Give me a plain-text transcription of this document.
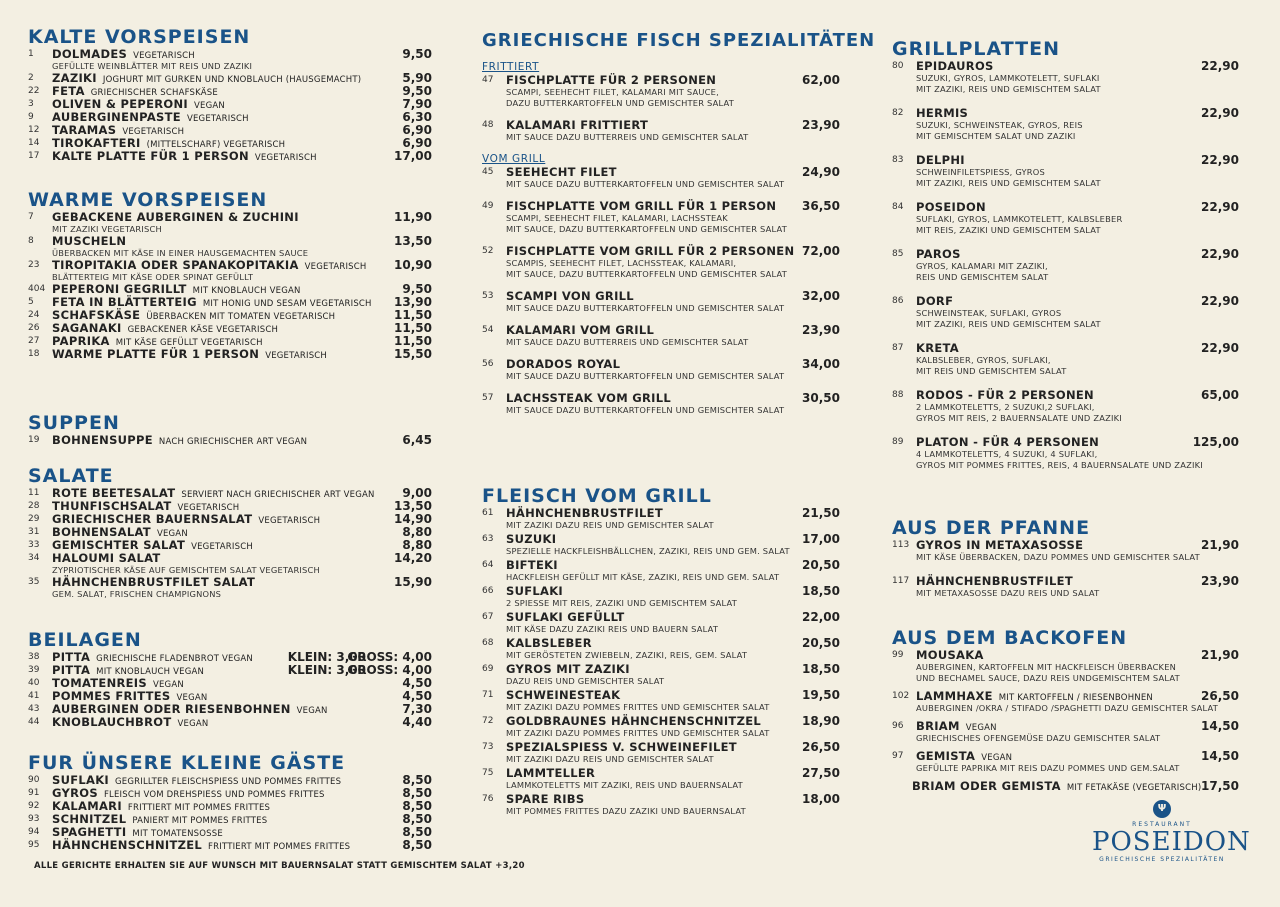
KALTE VORSPEISEN
1	DOLMADES VEGETARISCH	9,50
GEFÜLLTE WEINBLÄTTER MIT REIS UND ZAZIKI
2	ZAZIKI JOGHURT MIT GURKEN UND KNOBLAUCH (HAUSGEMACHT)	5,90
22	FETA GRIECHISCHER SCHAFSKÄSE	9,50
3	OLIVEN & PEPERONI VEGAN	7,90
9	AUBERGINENPASTE VEGETARISCH	6,30
12	TARAMAS VEGETARISCH	6,90
14	TIROKAFTERI (MITTELSCHARF) VEGETARISCH	6,90
17	KALTE PLATTE FÜR 1 PERSON VEGETARISCH	17,00
WARME VORSPEISEN
7	GEBACKENE AUBERGINEN & ZUCHINI	11,90
MIT ZAZIKI VEGETARISCH
8	MUSCHELN	13,50
ÜBERBACKEN MIT KÄSE IN EINER HAUSGEMACHTEN SAUCE
23	TIROPITAKIA ODER SPANAKOPITAKIA VEGETARISCH 10,90
BLÄTTERTEIG MIT KÄSE ODER SPINAT GEFÜLLT
404 PEPERONI GEGRILLT MIT KNOBLAUCH VEGAN	9,50
5	FETA IN BLÄTTERTEIG MIT HONIG UND SESAM VEGETARISCH 13,90
24	SCHAFSKÄSE ÜBERBACKEN MIT TOMATEN VEGETARISCH	11,50
26	SAGANAKI GEBACKENER KÄSE VEGETARISCH	11,50
27	PAPRIKA MIT KÄSE GEFÜLLT VEGETARISCH	11,50
18	WARME PLATTE FÜR 1 PERSON VEGETARISCH	15,50
SUPPEN
19	BOHNENSUPPE NACH GRIECHISCHER ART VEGAN	6,45
SALATE
11	ROTE BEETESALAT SERVIERT NACH GRIECHISCHER ART VEGAN 9,00
28	THUNFISCHSALAT VEGETARISCH	13,50
29	GRIECHISCHER BAUERNSALAT VEGETARISCH	14,90
31	BOHNENSALAT VEGAN	8,80
33	GEMISCHTER SALAT VEGETARISCH	8,80
34	HALOUMI SALAT	14,20
ZYPRIOTISCHER KÄSE AUF GEMISCHTEM SALAT VEGETARISCH
35	HÄHNCHENBRUSTFILET SALAT	15,90
GEM. SALAT, FRISCHEN CHAMPIGNONS
BEILAGEN
38	PITTA GRIECHISCHE FLADENBROT VEGAN	KLEIN: 3,00
GROSS: 4,00
39	PITTA MIT KNOBLAUCH VEGAN	KLEIN: 3,00
GROSS: 4,00
40	TOMATENREIS VEGAN	4,50
41	POMMES FRITTES VEGAN	4,50
43	AUBERGINEN ODER RIESENBOHNEN VEGAN	7,30
44	KNOBLAUCHBROT VEGAN	4,40
FUR ÜNSERE KLEINE GÄSTE
90	SUFLAKI GEGRILLTER FLEISCHSPIESS UND POMMES FRITTES	8,50
91	GYROS FLEISCH VOM DREHSPIESS UND POMMES FRITTES	8,50
92	KALAMARI FRITTIERT MIT POMMES FRITTES	8,50
93	SCHNITZEL PANIERT MIT POMMES FRITTES	8,50
94	SPAGHETTI MIT TOMATENSOSSE	8,50
95	HÄHNCHENSCHNITZEL FRITTIERT MIT POMMES FRITTES	8,50
ALLE GERICHTE ERHALTEN SIE AUF WUNSCH MIT BAUERNSALAT STATT GEMISCHTEM SALAT +3,20
GRIECHISCHE FISCH SPEZIALITÄTEN
FRITTIERT
47	FISCHPLATTE FÜR 2 PERSONEN	62,00
SCAMPI, SEEHECHT FILET, KALAMARI MIT SAUCE,
DAZU BUTTERKARTOFFELN UND GEMISCHTER SALAT
48	KALAMARI FRITTIERT	23,90
MIT SAUCE DAZU BUTTERREIS UND GEMISCHTER SALAT
VOM GRILL
45	SEEHECHT FILET	24,90
MIT SAUCE DAZU BUTTERKARTOFFELN UND GEMISCHTER SALAT
49	FISCHPLATTE VOM GRILL FÜR 1 PERSON 36,50
SCAMPI, SEEHECHT FILET, KALAMARI, LACHSSTEAK
MIT SAUCE, DAZU BUTTERKARTOFFELN UND GEMISCHTER SALAT
52	FISCHPLATTE VOM GRILL FÜR 2 PERSONEN 72,00
SCAMPIS, SEEHECHT FILET, LACHSSTEAK, KALAMARI,
MIT SAUCE, DAZU BUTTERKARTOFFELN UND GEMISCHTER SALAT
53	SCAMPI VON GRILL	32,00
MIT SAUCE DAZU BUTTERKARTOFFELN UND GEMISCHTER SALAT
54	KALAMARI VOM GRILL	23,90
MIT SAUCE DAZU BUTTERREIS UND GEMISCHTER SALAT
56	DORADOS ROYAL	34,00
MIT SAUCE DAZU BUTTERKARTOFFELN UND GEMISCHTER SALAT
57	LACHSSTEAK VOM GRILL	30,50
MIT SAUCE DAZU BUTTERKARTOFFELN UND GEMISCHTER SALAT
FLEISCH VOM GRILL
61	HÄHNCHENBRUSTFILET	21,50
MIT ZAZIKI DAZU REIS UND GEMISCHTER SALAT
63	SUZUKI	17,00
SPEZIELLE HACKFLEISHBÄLLCHEN, ZAZIKI, REIS UND GEM. SALAT
64	BIFTEKI	20,50
HACKFLEISH GEFÜLLT MIT KÄSE, ZAZIKI, REIS UND GEM. SALAT
66	SUFLAKI	18,50
2 SPIESSE MIT REIS, ZAZIKI UND GEMISCHTEM SALAT
67	SUFLAKI GEFÜLLT	22,00
MIT KÄSE DAZU ZAZIKI REIS UND BAUERN SALAT
68	KALBSLEBER	20,50
MIT GERÖSTETEN ZWIEBELN, ZAZIKI, REIS, GEM. SALAT
69	GYROS MIT ZAZIKI	18,50
DAZU REIS UND GEMISCHTER SALAT
71	SCHWEINESTEAK	19,50
MIT ZAZIKI DAZU POMMES FRITTES UND GEMISCHTER SALAT
72	GOLDBRAUNES HÄHNCHENSCHNITZEL	18,90
MIT ZAZIKI DAZU POMMES FRITTES UND GEMISCHTER SALAT
73	SPEZIALSPIESS V. SCHWEINEFILET	26,50
MIT ZAZIKI DAZU REIS UND GEMISCHTER SALAT
75	LAMMTELLER	27,50
LAMMKOTELETTS MIT ZAZIKI, REIS UND BAUERNSALAT
76	SPARE RIBS	18,00
MIT POMMES FRITTES DAZU ZAZIKI UND BAUERNSALAT
GRILLPLATTEN
80	EPIDAUROS	22,90
SUZUKI, GYROS, LAMMKOTELETT, SUFLAKI
MIT ZAZIKI, REIS UND GEMISCHTEM SALAT
82	HERMIS	22,90
SUZUKI, SCHWEINSTEAK, GYROS, REIS
MIT GEMISCHTEM SALAT UND ZAZIKI
83	DELPHI	22,90
SCHWEINFILETSPIESS, GYROS
MIT ZAZIKI, REIS UND GEMISCHTEM SALAT
84	POSEIDON	22,90
SUFLAKI, GYROS, LAMMKOTELETT, KALBSLEBER
MIT REIS, ZAZIKI UND GEMISCHTEM SALAT
85	PAROS	22,90
GYROS, KALAMARI MIT ZAZIKI,
REIS UND GEMISCHTEM SALAT
86	DORF	22,90
SCHWEINSTEAK, SUFLAKI, GYROS
MIT ZAZIKI, REIS UND GEMISCHTEM SALAT
87	KRETA	22,90
KALBSLEBER, GYROS, SUFLAKI,
MIT REIS UND GEMISCHTEM SALAT
88	RODOS - FÜR 2 PERSONEN	65,00
2 LAMMKOTELETTS, 2 SUZUKI,2 SUFLAKI,
GYROS MIT REIS, 2 BAUERNSALATE UND ZAZIKI
89	PLATON - FÜR 4 PERSONEN	125,00
4 LAMMKOTELETTS, 4 SUZUKI, 4 SUFLAKI,
GYROS MIT POMMES FRITTES, REIS, 4 BAUERNSALATE UND ZAZIKI
AUS DER PFANNE
113 GYROS IN METAXASOSSE	21,90
MIT KÄSE ÜBERBACKEN, DAZU POMMES UND GEMISCHTER SALAT
117 HÄHNCHENBRUSTFILET	23,90
MIT METAXASOSSE DAZU REIS UND SALAT
AUS DEM BACKOFEN
99	MOUSAKA	21,90
AUBERGINEN, KARTOFFELN MIT HACKFLEISCH ÜBERBACKEN
UND BECHAMEL SAUCE, DAZU REIS UNDGEMISCHTEM SALAT
102 LAMMHAXE MIT KARTOFFELN / RIESENBOHNEN	26,50
AUBERGINEN /OKRA / STIFADO /SPAGHETTI DAZU GEMISCHTER SALAT
96	BRIAM VEGAN	14,50
GRIECHISCHES OFENGEMÜSE DAZU GEMISCHTER SALAT
97	GEMISTA VEGAN	14,50
GEFÜLLTE PAPRIKA MIT REIS DAZU POMMES UND GEM.SALAT
BRIAM ODER GEMISTA MIT FETAKÄSE (VEGETARISCH) 17,50
Ψ
RESTAURANT
POSEIDON
GRIECHISCHE SPEZIALITÄTEN
